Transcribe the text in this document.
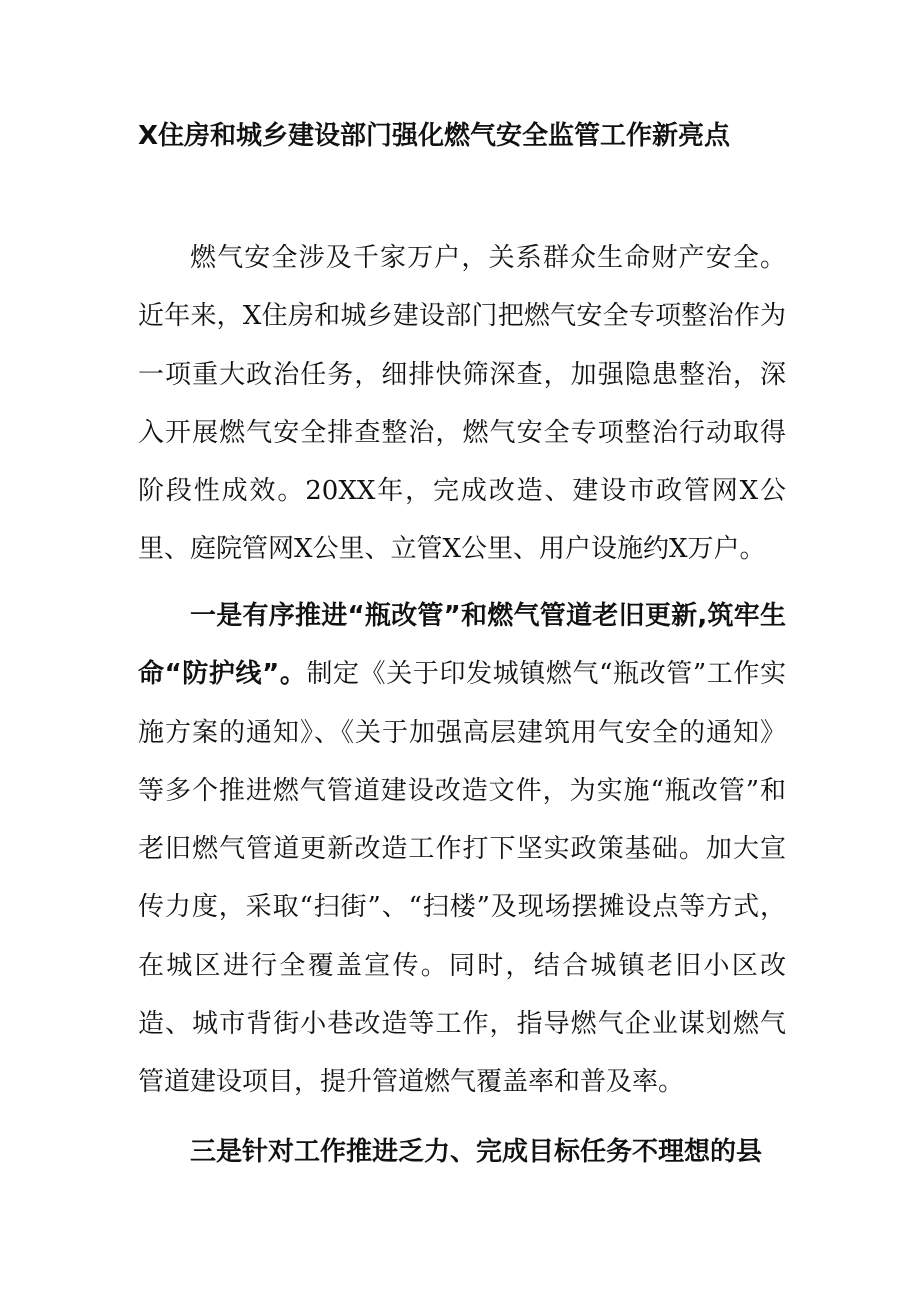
X住房和城乡建设部门强化燃气安全监管工作新亮点

燃气安全涉及千家万户，关系群众生命财产安全。近年来，X住房和城乡建设部门把燃气安全专项整治作为一项重大政治任务，细排快筛深查，加强隐患整治，深入开展燃气安全排查整治，燃气安全专项整治行动取得阶段性成效。20XX年，完成改造、建设市政管网X公里、庭院管网X公里、立管X公里、用户设施约X万户。

一是有序推进“瓶改管”和燃气管道老旧更新,筑牢生命“防护线”。制定《关于印发城镇燃气“瓶改管”工作实施方案的通知》、《关于加强高层建筑用气安全的通知》等多个推进燃气管道建设改造文件，为实施“瓶改管”和老旧燃气管道更新改造工作打下坚实政策基础。加大宣传力度，采取“扫街”、“扫楼”及现场摆摊设点等方式，在城区进行全覆盖宣传。同时，结合城镇老旧小区改造、城市背街小巷改造等工作，指导燃气企业谋划燃气管道建设项目，提升管道燃气覆盖率和普及率。

三是针对工作推进乏力、完成目标任务不理想的县
